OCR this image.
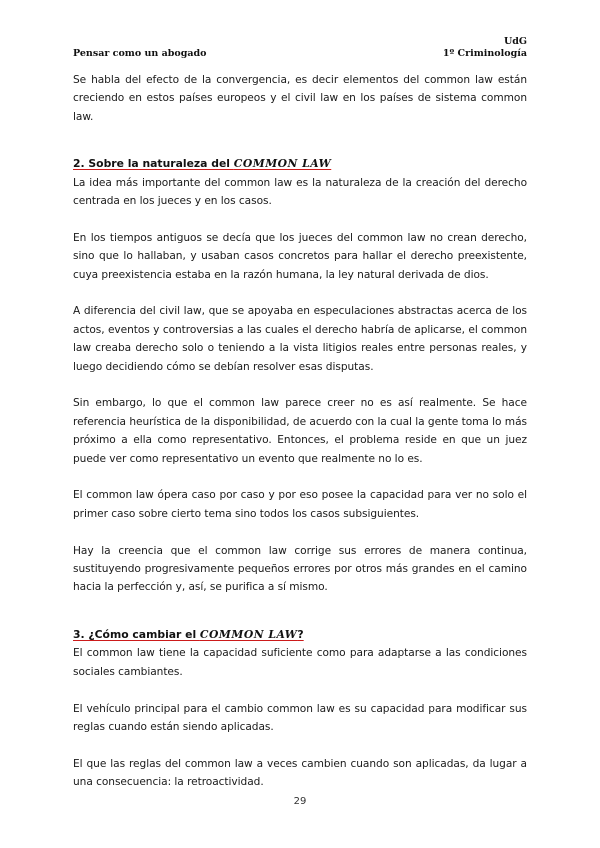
Pensar como un abogado
UdG
1º Criminología

Se habla del efecto de la convergencia, es decir elementos del common law están creciendo en estos países europeos y el civil law en los países de sistema common law.

2. Sobre la naturaleza del COMMON LAW

La idea más importante del common law es la naturaleza de la creación del derecho centrada en los jueces y en los casos.

En los tiempos antiguos se decía que los jueces del common law no crean derecho, sino que lo hallaban, y usaban casos concretos para hallar el derecho preexistente, cuya preexistencia estaba en la razón humana, la ley natural derivada de dios.

A diferencia del civil law, que se apoyaba en especulaciones abstractas acerca de los actos, eventos y controversias a las cuales el derecho habría de aplicarse, el common law creaba derecho solo o teniendo a la vista litigios reales entre personas reales, y luego decidiendo cómo se debían resolver esas disputas.

Sin embargo, lo que el common law parece creer no es así realmente. Se hace referencia heurística de la disponibilidad, de acuerdo con la cual la gente toma lo más próximo a ella como representativo. Entonces, el problema reside en que un juez puede ver como representativo un evento que realmente no lo es.

El common law ópera caso por caso y por eso posee la capacidad para ver no solo el primer caso sobre cierto tema sino todos los casos subsiguientes.

Hay la creencia que el common law corrige sus errores de manera continua, sustituyendo progresivamente pequeños errores por otros más grandes en el camino hacia la perfección y, así, se purifica a sí mismo.

3. ¿Cómo cambiar el COMMON LAW?

El common law tiene la capacidad suficiente como para adaptarse a las condiciones sociales cambiantes.

El vehículo principal para el cambio common law es su capacidad para modificar sus reglas cuando están siendo aplicadas.

El que las reglas del common law a veces cambien cuando son aplicadas, da lugar a una consecuencia: la retroactividad.

29
